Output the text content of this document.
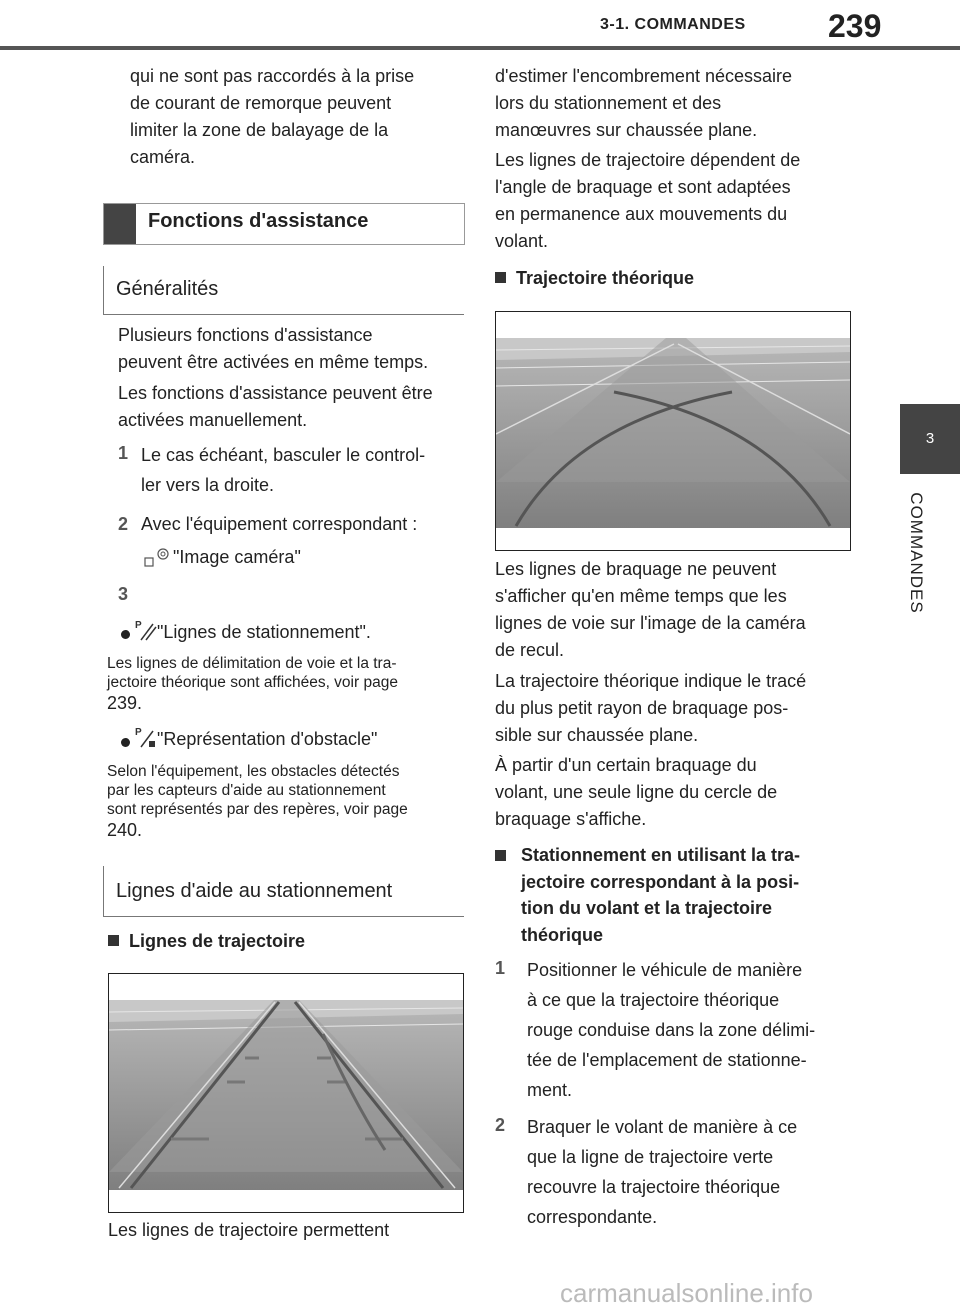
3-1. COMMANDES	239
3
COMMANDES
qui ne sont pas raccordés à la prise
de courant de remorque peuvent
limiter la zone de balayage de la
caméra.
Fonctions d'assistance
Généralités
Plusieurs fonctions d'assistance
peuvent être activées en même temps.
Les fonctions d'assistance peuvent être
activées manuellement.
1 Le cas échéant, basculer le control-
ler vers la droite.
2 Avec l'équipement correspondant :
"Image caméra"
3
P "Lignes de stationnement".
Les lignes de délimitation de voie et la tra-
jectoire théorique sont affichées, voir page
239.
P "Représentation d'obstacle"
Selon l'équipement, les obstacles détectés
par les capteurs d'aide au stationnement
sont représentés par des repères, voir page
240.
Lignes d'aide au stationnement
Lignes de trajectoire
Les lignes de trajectoire permettent
d'estimer l'encombrement nécessaire
lors du stationnement et des
manœuvres sur chaussée plane.
Les lignes de trajectoire dépendent de
l'angle de braquage et sont adaptées
en permanence aux mouvements du
volant.
Trajectoire théorique
Les lignes de braquage ne peuvent
s'afficher qu'en même temps que les
lignes de voie sur l'image de la caméra
de recul.
La trajectoire théorique indique le tracé
du plus petit rayon de braquage pos-
sible sur chaussée plane.
À partir d'un certain braquage du
volant, une seule ligne du cercle de
braquage s'affiche.
Stationnement en utilisant la tra-
jectoire correspondant à la posi-
tion du volant et la trajectoire
théorique
1 Positionner le véhicule de manière
à ce que la trajectoire théorique
rouge conduise dans la zone délimi-
tée de l'emplacement de stationne-
ment.
2 Braquer le volant de manière à ce
que la ligne de trajectoire verte
recouvre la trajectoire théorique
correspondante.
carmanualsonline.info
